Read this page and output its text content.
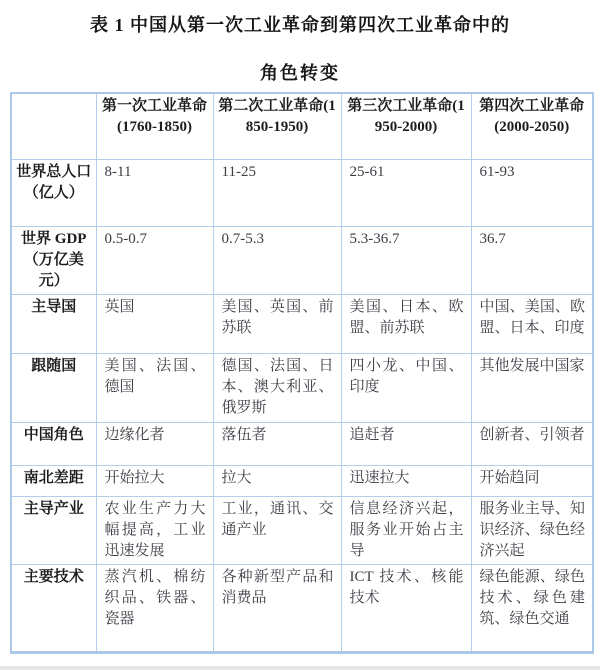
表 1 中国从第一次工业革命到第四次工业革命中的
角色转变
	第一次工业革命(1760-1850)	第二次工业革命(1850-1950)	第三次工业革命(1950-2000)	第四次工业革命(2000-2050)
世界总人口（亿人）	8-11	11-25	25-61	61-93
世界 GDP（万亿美元）	0.5-0.7	0.7-5.3	5.3-36.7	36.7
主导国	英国	美国、英国、前苏联	美国、日本、欧盟、前苏联	中国、美国、欧盟、日本、印度
跟随国	美国、法国、德国	德国、法国、日本、澳大利亚、俄罗斯	四小龙、中国、印度	其他发展中国家
中国角色	边缘化者	落伍者	追赶者	创新者、引领者
南北差距	开始拉大	拉大	迅速拉大	开始趋同
主导产业	农业生产力大幅提高，工业迅速发展	工业，通讯、交通产业	信息经济兴起，服务业开始占主导	服务业主导、知识经济、绿色经济兴起
主要技术	蒸汽机、棉纺织品、铁器、瓷器	各种新型产品和消费品	ICT 技术、核能技术	绿色能源、绿色技术、绿色建筑、绿色交通
